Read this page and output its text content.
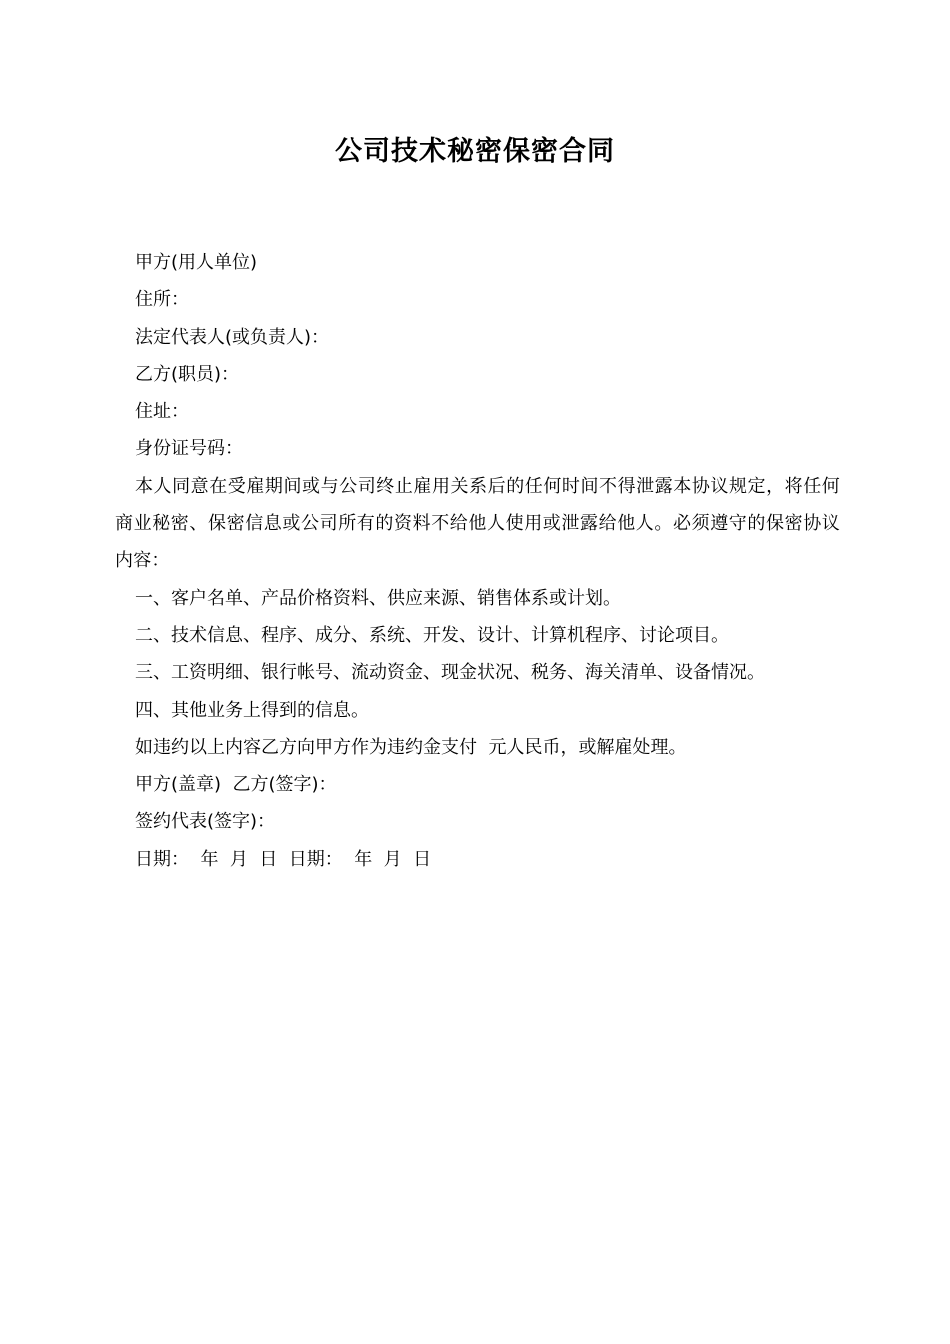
公司技术秘密保密合同

甲方(用人单位)

住所：

法定代表人(或负责人)：

乙方(职员)：

住址：

身份证号码：

本人同意在受雇期间或与公司终止雇用关系后的任何时间不得泄露本协议规定，将任何商业秘密、保密信息或公司所有的资料不给他人使用或泄露给他人。必须遵守的保密协议内容：

一、客户名单、产品价格资料、供应来源、销售体系或计划。

二、技术信息、程序、成分、系统、开发、设计、计算机程序、讨论项目。

三、工资明细、银行帐号、流动资金、现金状况、税务、海关清单、设备情况。

四、其他业务上得到的信息。

如违约以上内容乙方向甲方作为违约金支付  元人民币，或解雇处理。

甲方(盖章)  乙方(签字)：

签约代表(签字)：

日期：  年  月  日  日期：  年  月  日
